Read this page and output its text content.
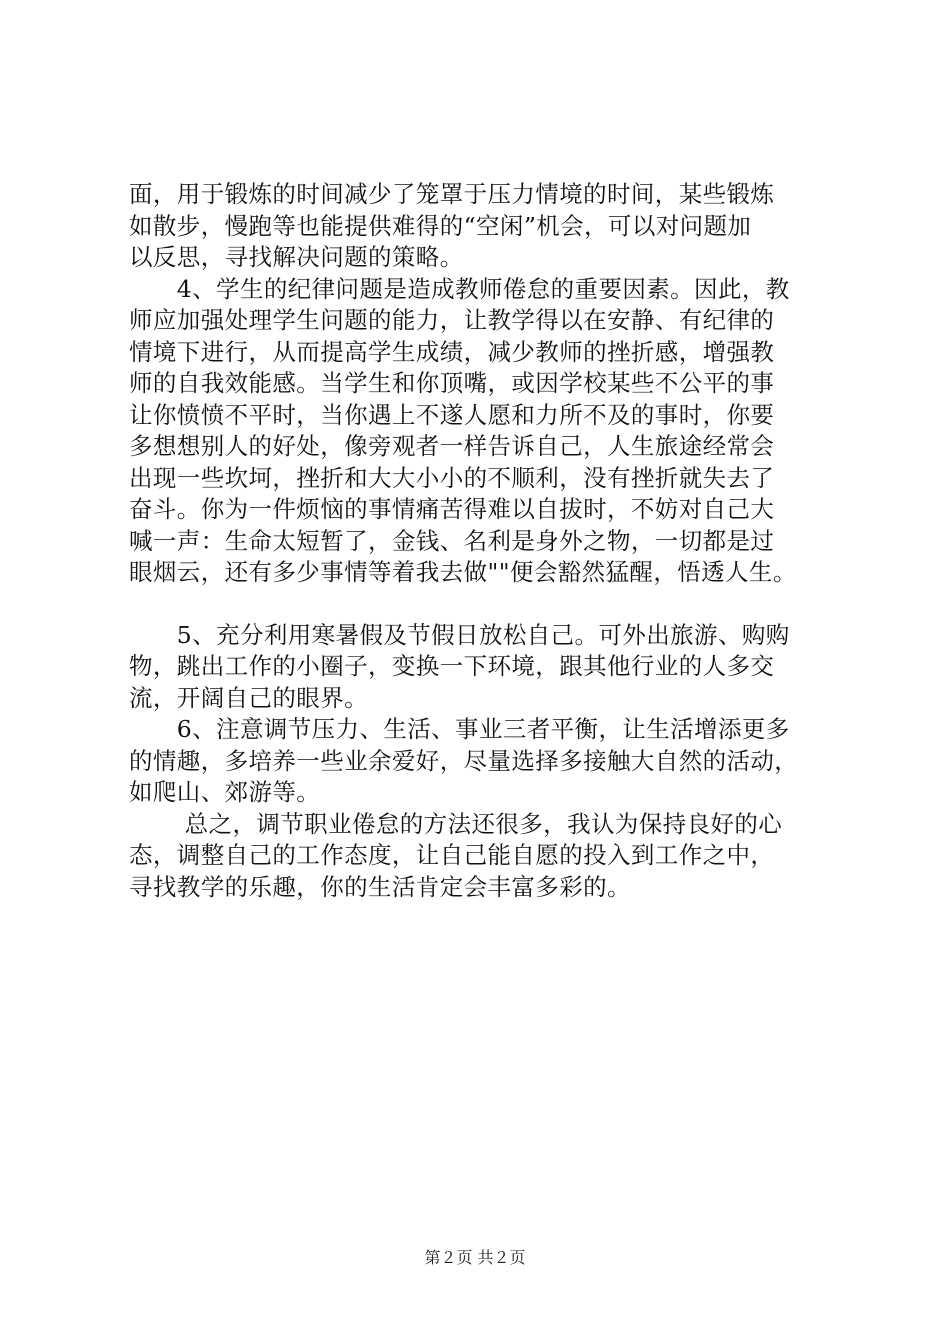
面，用于锻炼的时间减少了笼罩于压力情境的时间，某些锻炼
如散步，慢跑等也能提供难得的“空闲”机会，可以对问题加
以反思，寻找解决问题的策略。
　　4、学生的纪律问题是造成教师倦怠的重要因素。因此，教
师应加强处理学生问题的能力，让教学得以在安静、有纪律的
情境下进行，从而提高学生成绩，减少教师的挫折感，增强教
师的自我效能感。当学生和你顶嘴，或因学校某些不公平的事
让你愤愤不平时，当你遇上不遂人愿和力所不及的事时，你要
多想想别人的好处，像旁观者一样告诉自己，人生旅途经常会
出现一些坎坷，挫折和大大小小的不顺利，没有挫折就失去了
奋斗。你为一件烦恼的事情痛苦得难以自拔时，不妨对自己大
喊一声：生命太短暂了，金钱、名利是身外之物，一切都是过
眼烟云，还有多少事情等着我去做""便会豁然猛醒，悟透人生。
　　5、充分利用寒暑假及节假日放松自己。可外出旅游、购购
物，跳出工作的小圈子，变换一下环境，跟其他行业的人多交
流，开阔自己的眼界。
　　6、注意调节压力、生活、事业三者平衡，让生活增添更多
的情趣，多培养一些业余爱好，尽量选择多接触大自然的活动，
如爬山、郊游等。
　　 总之，调节职业倦怠的方法还很多，我认为保持良好的心
态，调整自己的工作态度，让自己能自愿的投入到工作之中，
寻找教学的乐趣，你的生活肯定会丰富多彩的。
第２页 共２页
